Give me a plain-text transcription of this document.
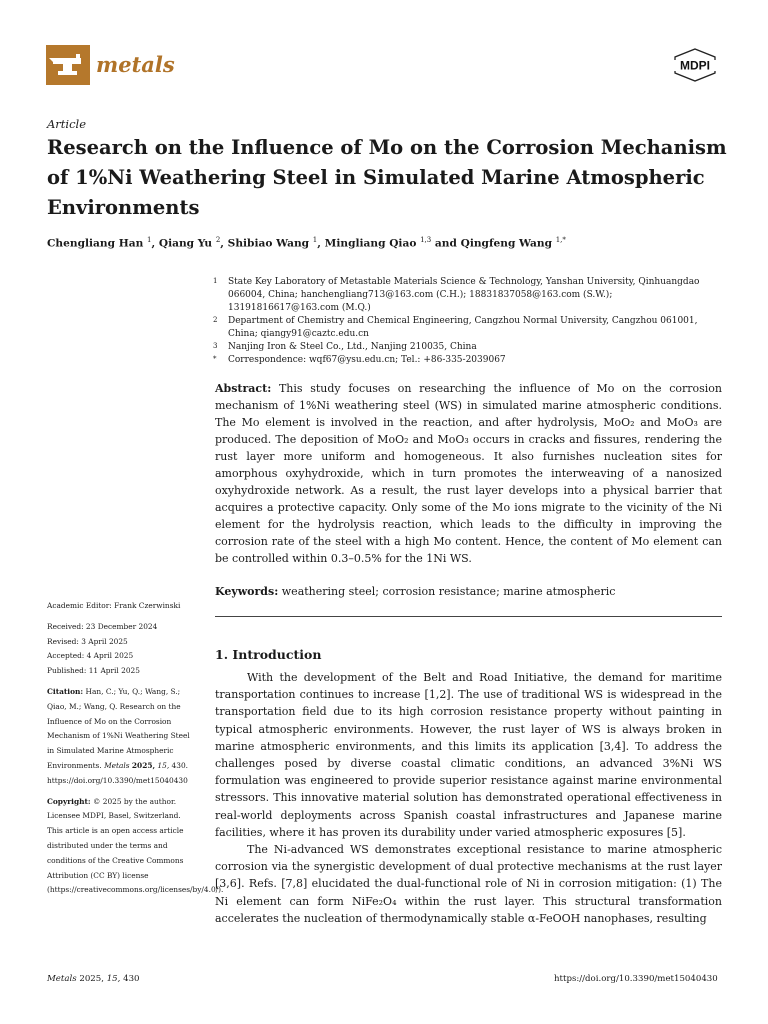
metals	MDPI
Article
Research on the Influence of Mo on the Corrosion Mechanism of 1%Ni Weathering Steel in Simulated Marine Atmospheric Environments
Chengliang Han $^1$, Qiang Yu $^2$, Shibiao Wang $^1$, Mingliang Qiao $^{1,3}$ and Qingfeng Wang $^{1,*}$
1 State Key Laboratory of Metastable Materials Science & Technology, Yanshan University, Qinhuangdao 066004, China; hanchengliang713@163.com (C.H.); 18831837058@163.com (S.W.); 13191816617@163.com (M.Q.)
2 Department of Chemistry and Chemical Engineering, Cangzhou Normal University, Cangzhou 061001, China; qiangy91@caztc.edu.cn
3 Nanjing Iron & Steel Co., Ltd., Nanjing 210035, China
* Correspondence: wqf67@ysu.edu.cn; Tel.: +86-335-2039067
Abstract: This study focuses on researching the influence of Mo on the corrosion mechanism of 1%Ni weathering steel (WS) in simulated marine atmospheric conditions. The Mo element is involved in the reaction, and after hydrolysis, MoO₂ and MoO₃ are produced. The deposition of MoO₂ and MoO₃ occurs in cracks and fissures, rendering the rust layer more uniform and homogeneous. It also furnishes nucleation sites for amorphous oxyhydroxide, which in turn promotes the interweaving of a nanosized oxyhydroxide network. As a result, the rust layer develops into a physical barrier that acquires a protective capacity. Only some of the Mo ions migrate to the vicinity of the Ni element for the hydrolysis reaction, which leads to the difficulty in improving the corrosion rate of the steel with a high Mo content. Hence, the content of Mo element can be controlled within 0.3–0.5% for the 1Ni WS.
Keywords: weathering steel; corrosion resistance; marine atmospheric

Academic Editor: Frank Czerwinski

Received: 23 December 2024
Revised: 3 April 2025
Accepted: 4 April 2025
Published: 11 April 2025

Citation: Han, C.; Yu, Q.; Wang, S.; Qiao, M.; Wang, Q. Research on the Influence of Mo on the Corrosion Mechanism of 1%Ni Weathering Steel in Simulated Marine Atmospheric Environments. Metals 2025, 15, 430. https://doi.org/10.3390/met15040430

Copyright: © 2025 by the author. Licensee MDPI, Basel, Switzerland. This article is an open access article distributed under the terms and conditions of the Creative Commons Attribution (CC BY) license (https://creativecommons.org/licenses/by/4.0/).

1. Introduction

With the development of the Belt and Road Initiative, the demand for maritime transportation continues to increase [1,2]. The use of traditional WS is widespread in the transportation field due to its high corrosion resistance property without painting in typical atmospheric environments. However, the rust layer of WS is always broken in marine atmospheric environments, and this limits its application [3,4]. To address the challenges posed by diverse coastal climatic conditions, an advanced 3%Ni WS formulation was engineered to provide superior resistance against marine environmental stressors. This innovative material solution has demonstrated operational effectiveness in real-world deployments across Spanish coastal infrastructures and Japanese marine facilities, where it has proven its durability under varied atmospheric exposures [5].

The Ni-advanced WS demonstrates exceptional resistance to marine atmospheric corrosion via the synergistic development of dual protective mechanisms at the rust layer [3,6]. Refs. [7,8] elucidated the dual-functional role of Ni in corrosion mitigation: (1) The Ni element can form NiFe₂O₄ within the rust layer. This structural transformation accelerates the nucleation of thermodynamically stable α-FeOOH nanophases, resulting

Metals 2025, 15, 430	https://doi.org/10.3390/met15040430
